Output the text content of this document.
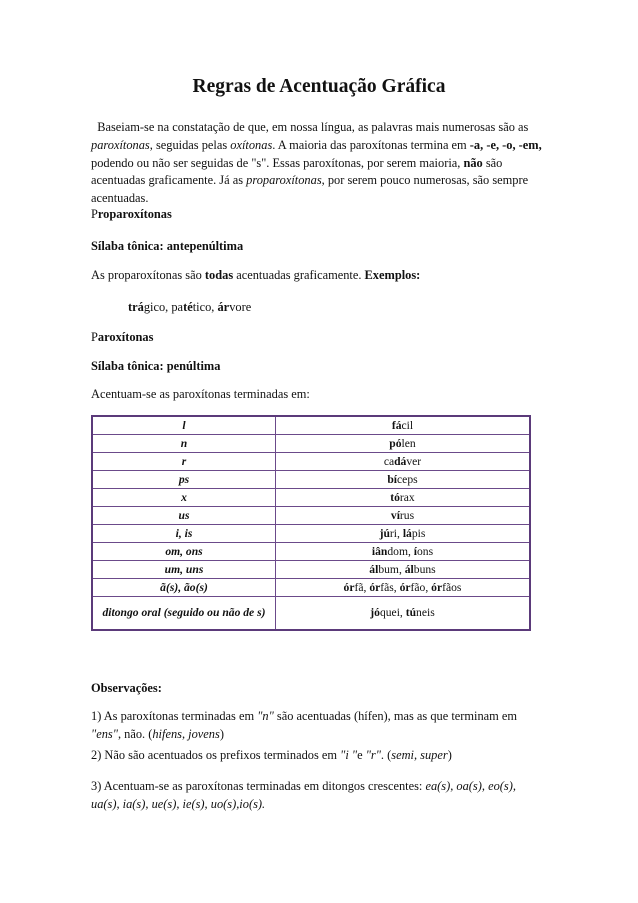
Regras de Acentuação Gráfica
Baseiam-se na constatação de que, em nossa língua, as palavras mais numerosas são as paroxítonas, seguidas pelas oxítonas. A maioria das paroxítonas termina em -a, -e, -o, -em, podendo ou não ser seguidas de "s". Essas paroxítonas, por serem maioria, não são acentuadas graficamente. Já as proparoxítonas, por serem pouco numerosas, são sempre acentuadas.
Proparoxítonas
Sílaba tônica: antepenúltima
As proparoxítonas são todas acentuadas graficamente. Exemplos:
trágico, patético, árvore
Paroxítonas
Sílaba tônica: penúltima
Acentuam-se as paroxítonas terminadas em:
l	fácil
n	pólen
r	cadáver
ps	bíceps
x	tórax
us	vírus
i, is	júri, lápis
om, ons	iândom, íons
um, uns	álbum, álbuns
ã(s), ão(s)	órfã, órfãs, órfão, órfãos
ditongo oral (seguido ou não de s)	jóquei, túneis
Observações:
1) As paroxítonas terminadas em "n" são acentuadas (hífen), mas as que terminam em "ens", não. (hifens, jovens)
2) Não são acentuados os prefixos terminados em "i "e "r". (semi, super)
3) Acentuam-se as paroxítonas terminadas em ditongos crescentes: ea(s), oa(s), eo(s), ua(s), ia(s), ue(s), ie(s), uo(s),io(s).
